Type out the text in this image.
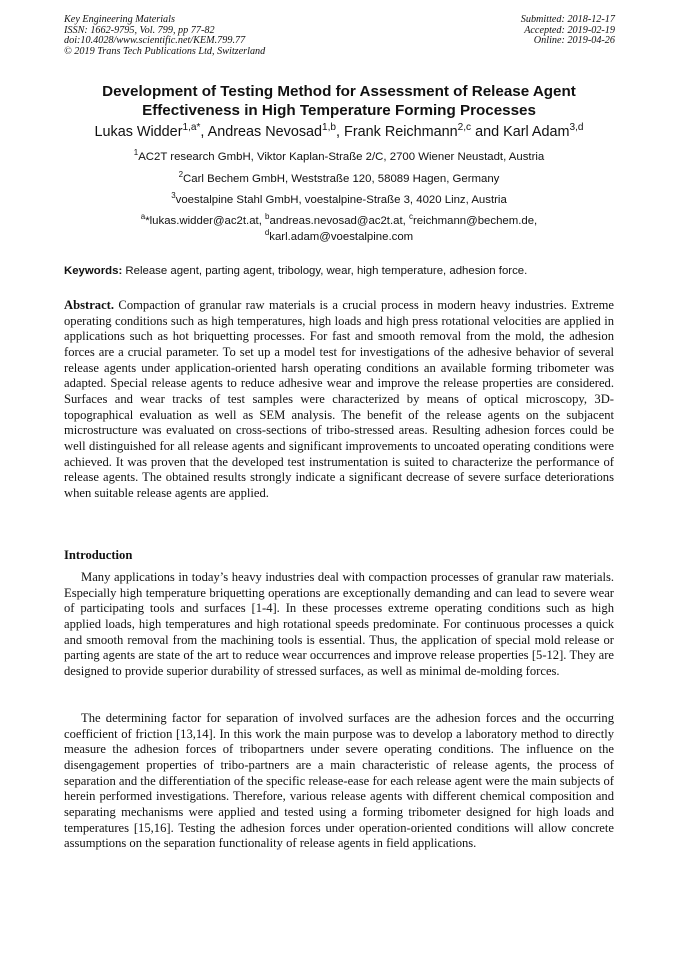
Key Engineering Materials
ISSN: 1662-9795, Vol. 799, pp 77-82
doi:10.4028/www.scientific.net/KEM.799.77
© 2019 Trans Tech Publications Ltd, Switzerland
Submitted: 2018-12-17
Accepted: 2019-02-19
Online: 2019-04-26
Development of Testing Method for Assessment of Release Agent
Effectiveness in High Temperature Forming Processes
Lukas Widder$^{1,a*}$, Andreas Nevosad$^{1,b}$, Frank Reichmann$^{2,c}$ and Karl Adam$^{3,d}$
$^1$AC2T research GmbH, Viktor Kaplan-Straße 2/C, 2700 Wiener Neustadt, Austria
$^2$Carl Bechem GmbH, Weststraße 120, 58089 Hagen, Germany
$^3$voestalpine Stahl GmbH, voestalpine-Straße 3, 4020 Linz, Austria
$^a$*lukas.widder@ac2t.at, $^b$andreas.nevosad@ac2t.at, $^c$reichmann@bechem.de,
$^d$karl.adam@voestalpine.com
Keywords: Release agent, parting agent, tribology, wear, high temperature, adhesion force.

Abstract. Compaction of granular raw materials is a crucial process in modern heavy industries. Extreme operating conditions such as high temperatures, high loads and high press rotational velocities are applied in applications such as hot briquetting processes. For fast and smooth removal from the mold, the adhesion forces are a crucial parameter. To set up a model test for investigations of the adhesive behavior of several release agents under application-oriented harsh operating conditions an available forming tribometer was adapted. Special release agents to reduce adhesive wear and improve the release properties are considered. Surfaces and wear tracks of test samples were characterized by means of optical microscopy, 3D-topographical evaluation as well as SEM analysis. The benefit of the release agents on the subjacent microstructure was evaluated on cross-sections of tribo-stressed areas. Resulting adhesion forces could be well distinguished for all release agents and significant improvements to uncoated operating conditions were achieved. It was proven that the developed test instrumentation is suited to characterize the performance of release agents. The obtained results strongly indicate a significant decrease of severe surface deteriorations when suitable release agents are applied.

Introduction

Many applications in today’s heavy industries deal with compaction processes of granular raw materials. Especially high temperature briquetting operations are exceptionally demanding and can lead to severe wear of participating tools and surfaces [1-4]. In these processes extreme operating conditions such as high applied loads, high temperatures and high rotational speeds predominate. For continuous processes a quick and smooth removal from the machining tools is essential. Thus, the application of special mold release or parting agents are state of the art to reduce wear occurrences and improve release properties [5-12]. They are designed to provide superior durability of stressed surfaces, as well as minimal de-molding forces.

The determining factor for separation of involved surfaces are the adhesion forces and the occurring coefficient of friction [13,14]. In this work the main purpose was to develop a laboratory method to directly measure the adhesion forces of tribopartners under severe operating conditions. The influence on the disengagement properties of tribo-partners are a main characteristic of release agents, the process of separation and the differentiation of the specific release-ease for each release agent were the main subjects of herein performed investigations. Therefore, various release agents with different chemical composition and separating mechanisms were applied and tested using a forming tribometer designed for high loads and temperatures [15,16]. Testing the adhesion forces under operation-oriented conditions will allow concrete assumptions on the separation functionality of release agents in field applications.
